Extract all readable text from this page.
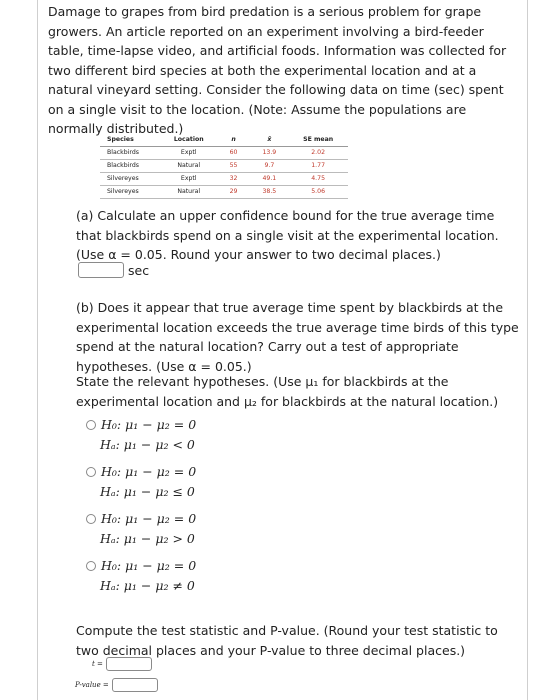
Damage to grapes from bird predation is a serious problem for grape growers. An article reported on an experiment involving a bird-feeder table, time-lapse video, and artificial foods. Information was collected for two different bird species at both the experimental location and at a natural vineyard setting. Consider the following data on time (sec) spent on a single visit to the location. (Note: Assume the populations are normally distributed.)

Species	Location	n	x̄	SE mean
Blackbirds	Exptl	60	13.9	2.02
Blackbirds	Natural	55	9.7	1.77
Silvereyes	Exptl	32	49.1	4.75
Silvereyes	Natural	29	38.5	5.06

(a) Calculate an upper confidence bound for the true average time that blackbirds spend on a single visit at the experimental location. (Use α = 0.05. Round your answer to two decimal places.)

sec

(b) Does it appear that true average time spent by blackbirds at the experimental location exceeds the true average time birds of this type spend at the natural location? Carry out a test of appropriate hypotheses. (Use α = 0.05.)

State the relevant hypotheses. (Use μ₁ for blackbirds at the experimental location and μ₂ for blackbirds at the natural location.)

H₀: μ₁ − μ₂ = 0
Hₐ: μ₁ − μ₂ < 0
H₀: μ₁ − μ₂ = 0
Hₐ: μ₁ − μ₂ ≤ 0
H₀: μ₁ − μ₂ = 0
Hₐ: μ₁ − μ₂ > 0
H₀: μ₁ − μ₂ = 0
Hₐ: μ₁ − μ₂ ≠ 0

Compute the test statistic and P-value. (Round your test statistic to two decimal places and your P-value to three decimal places.)

t =
P-value =
